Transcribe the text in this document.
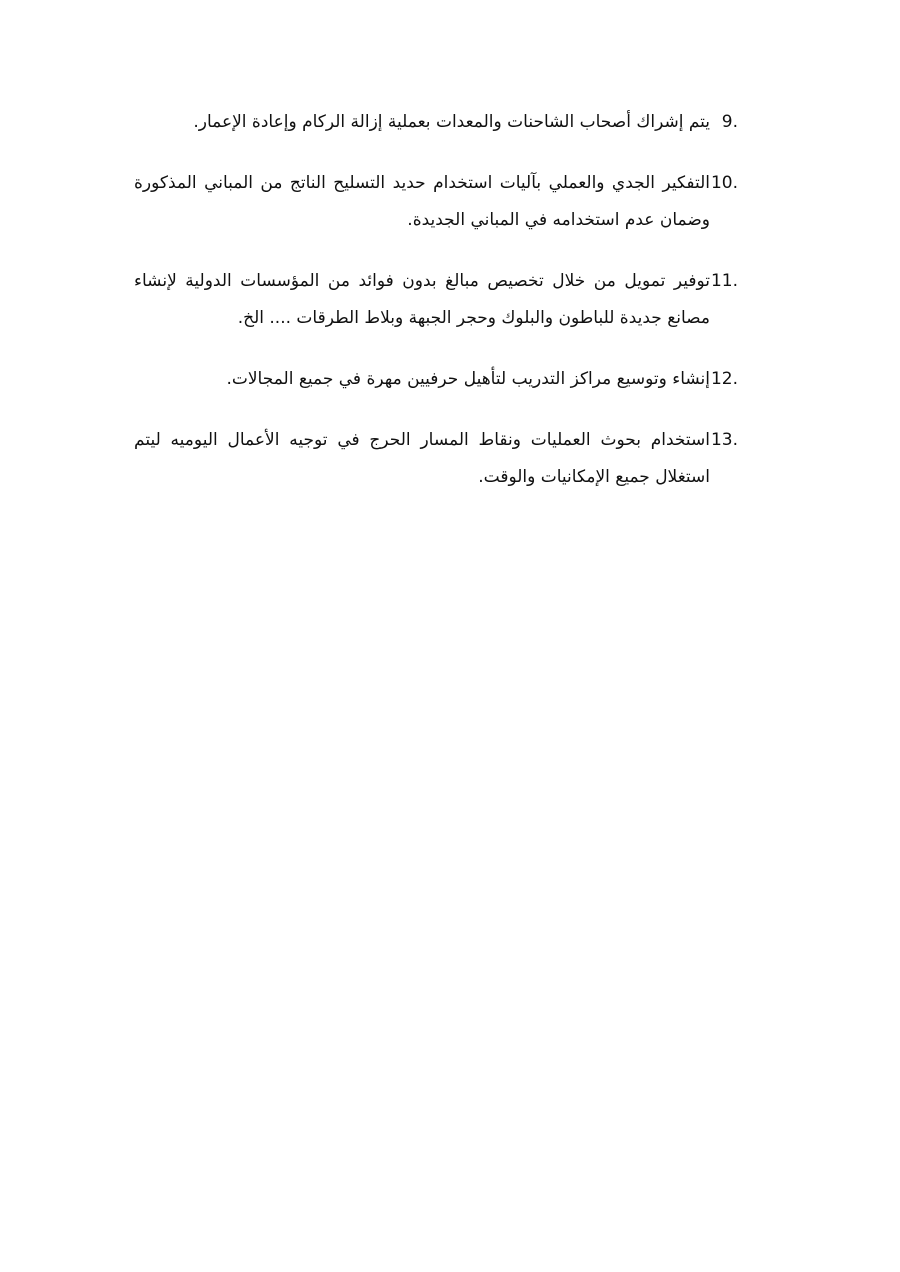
9.
يتم إشراك أصحاب الشاحنات والمعدات بعملية إزالة الركام وإعادة الإعمار.
10.
التفكير الجدي والعملي بآليات استخدام حديد التسليح الناتج من المباني المذكورة وضمان عدم استخدامه في المباني الجديدة.
11.
توفير تمويل من خلال تخصيص مبالغ بدون فوائد من المؤسسات الدولية لإنشاء مصانع جديدة للباطون والبلوك وحجر الجبهة وبلاط الطرقات .... الخ.
12.
إنشاء وتوسيع مراكز التدريب لتأهيل حرفيين مهرة في جميع المجالات.
13.
استخدام بحوث العمليات ونقاط المسار الحرج في توجيه الأعمال اليوميه ليتم استغلال جميع الإمكانيات والوقت.
